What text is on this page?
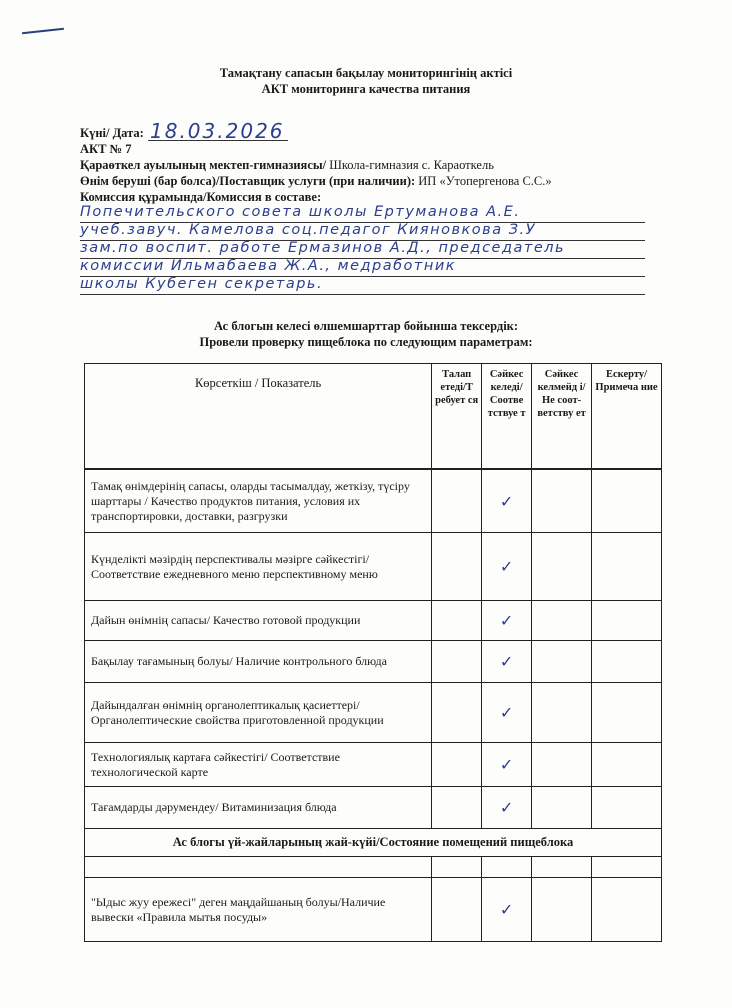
Тамақтану сапасын бақылау мониторингінің актісі
АКТ мониторинга качества питания
Күні/ Дата: 18.03.2026
АКТ № 7
Қараөткел ауылының мектеп-гимназиясы/ Школа-гимназия с. Караоткель
Өнім беруші (бар болса)/Поставщик услуги (при наличии): ИП «Утопергенова С.С.»
Комиссия құрамында/Комиссия в составе:
Попечительского совета школы Ертумановa А.Е.
учеб.завуч. Камелова соц.педагог Кияновкова З.У
зам.по воспит. работе Ермазинов А.Д., председатель
комиссии Ильмабаева Ж.А., медработник
школы Кубеген секретарь.
Ас блогын келесі өлшемшарттар бойынша тексердік:
Провели проверку пищеблока по следующим параметрам:
Көрсеткіш / Показатель	Талап етеді/Т ребует ся	Сәйкес келеді/ Соотве тствуе т	Сәйкес келмейд і/ Не соот- ветству ет	Ескерту/ Примеча ние

Тамақ өнімдерінің сапасы, оларды тасымалдау, жеткізу, түсіру шарттары / Качество продуктов питания, условия их транспортировки, доставки, разгрузки		✓		
Күнделікті мәзірдің перспективалы мәзірге сәйкестігі/ Соответствие ежедневного меню перспективному меню		✓		
Дайын өнімнің сапасы/ Качество готовой продукции		✓		
Бақылау тағамының болуы/ Наличие контрольного блюда		✓		
Дайындалған өнімнің органолептикалық қасиеттері/Органолептические свойства приготовленной продукции		✓		
Технологиялық картаға сәйкестігі/ Соответствие технологической карте		✓		
Тағамдарды дәрумендеу/ Витаминизация блюда		✓		
Ас блогы үй-жайларының жай-күйі/Состояние помещений пищеблока				

"Ыдыс жуу ережесі" деген маңдайшаның болуы/Наличие вывески «Правила мытья посуды»		✓		
